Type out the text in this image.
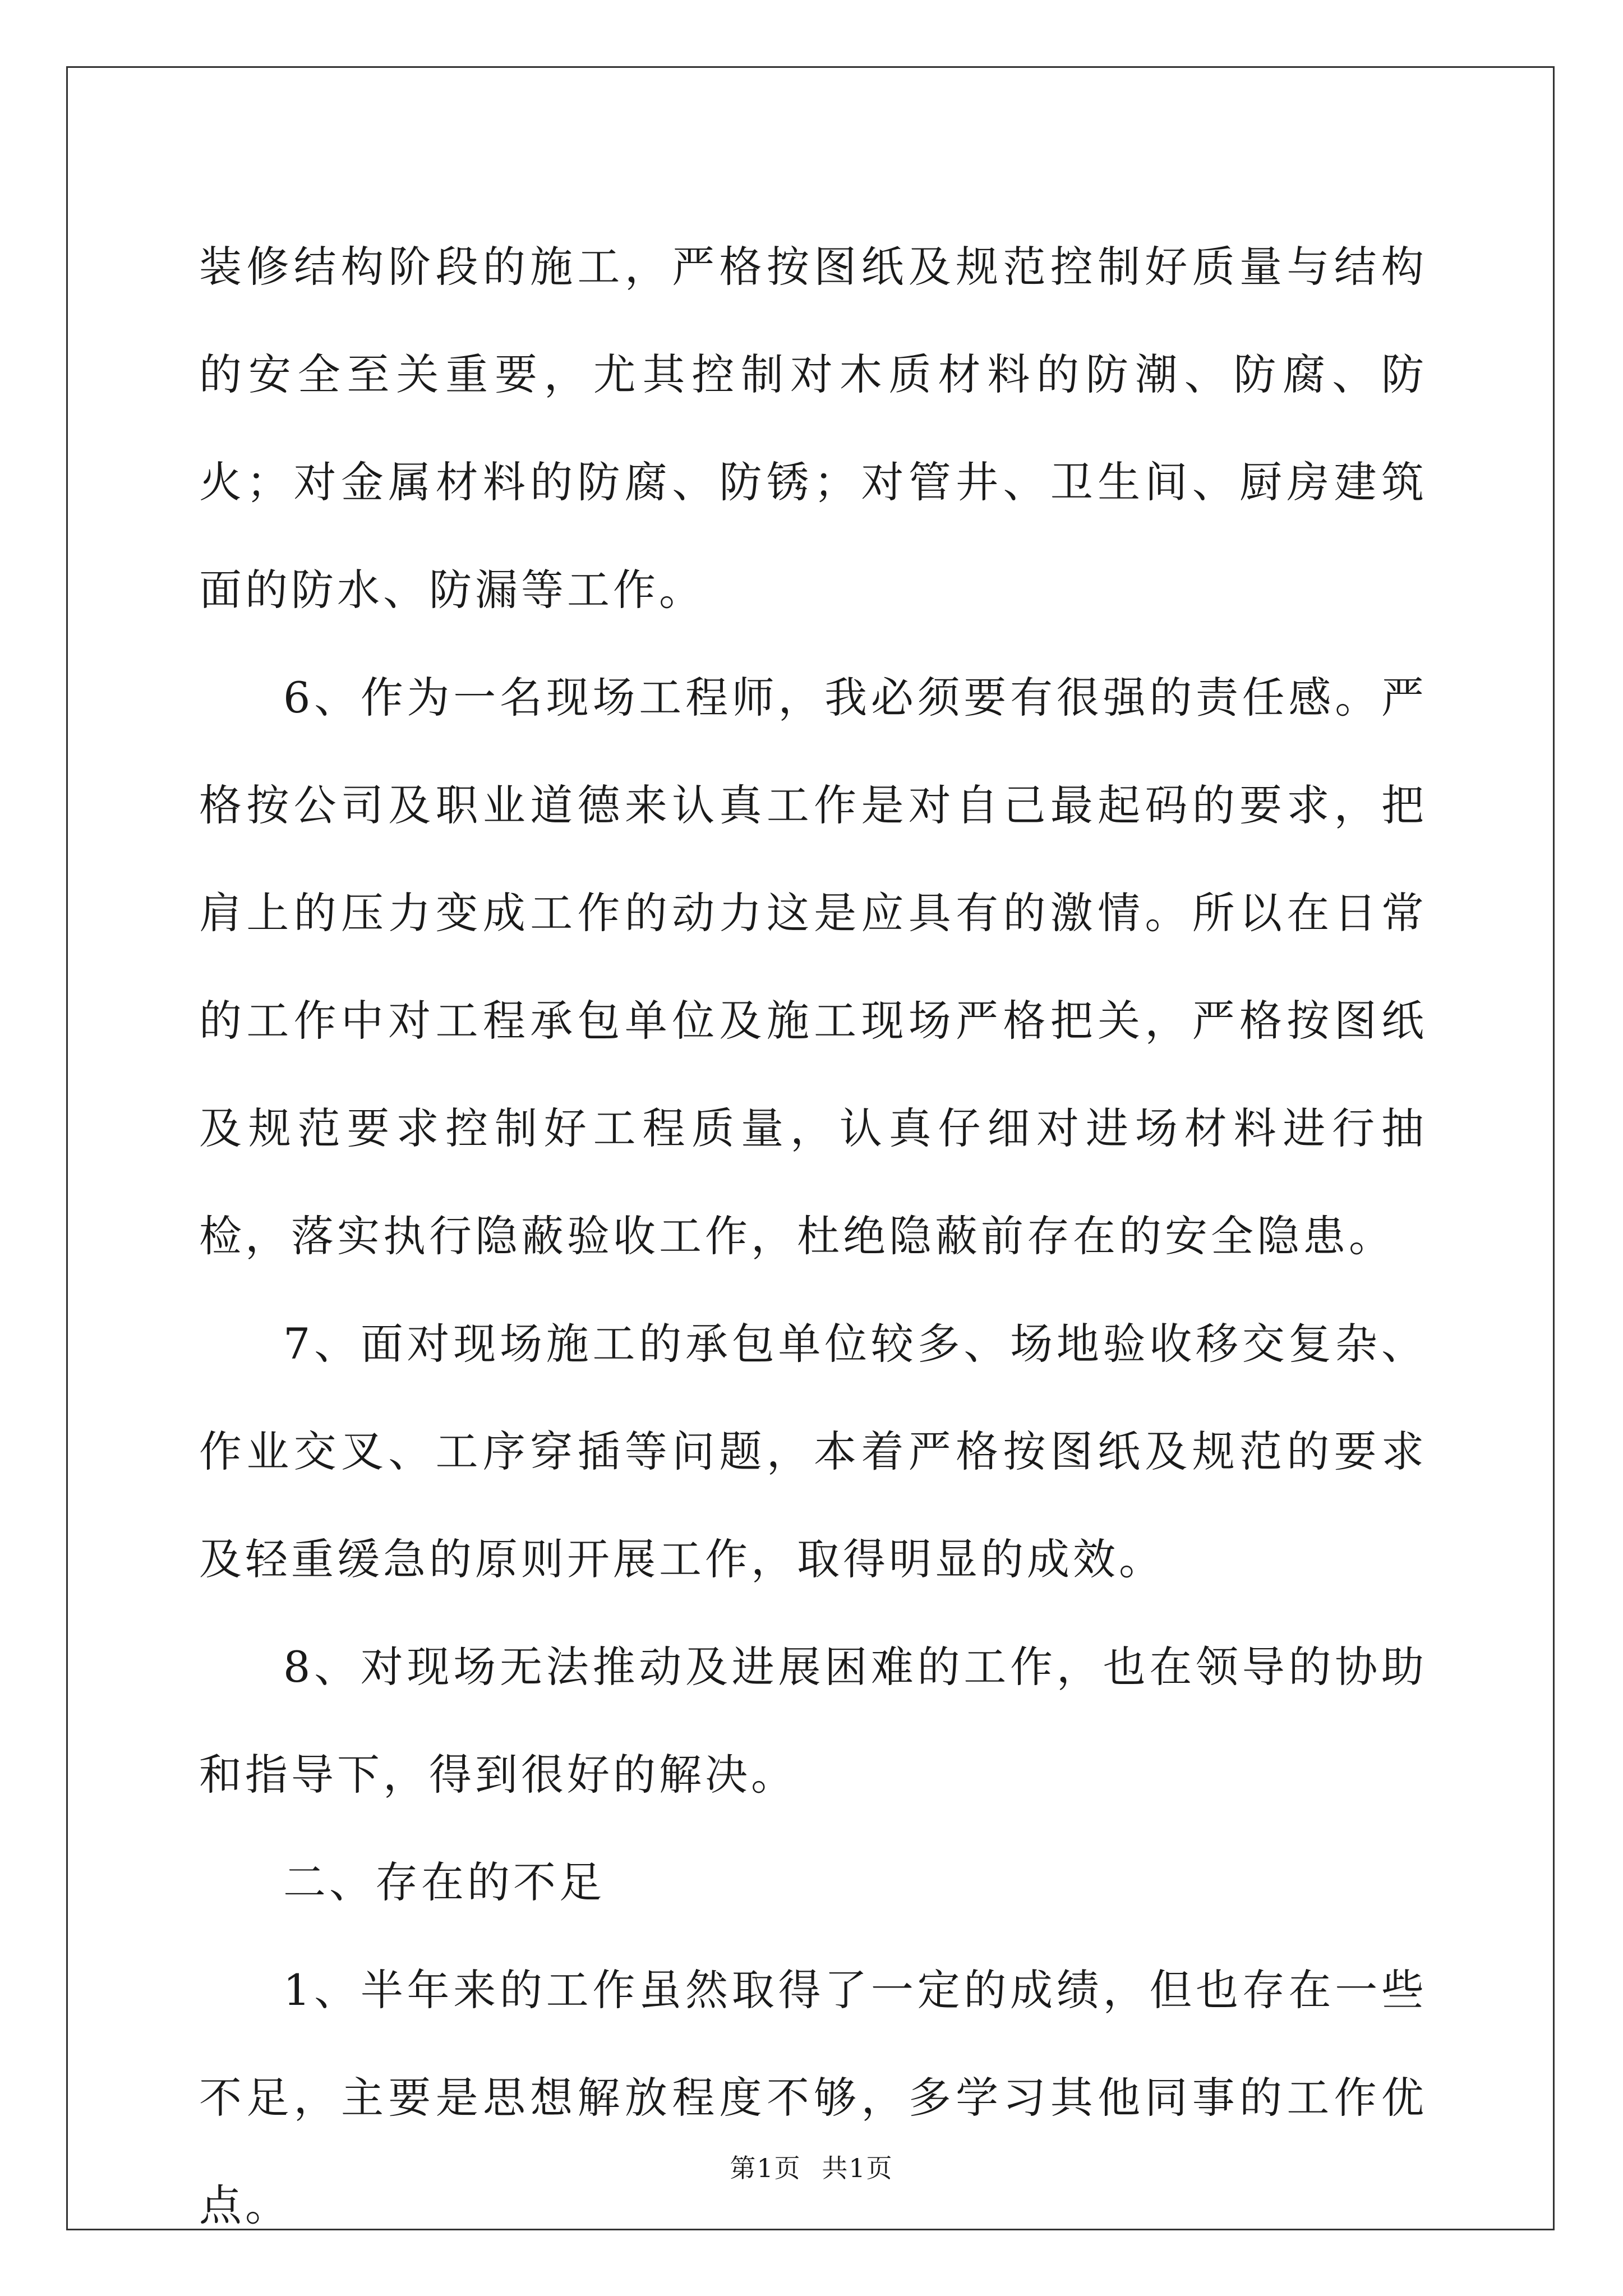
装修结构阶段的施工，严格按图纸及规范控制好质量与结构的安全至关重要，尤其控制对木质材料的防潮、防腐、防火；对金属材料的防腐、防锈；对管井、卫生间、厨房建筑面的防水、防漏等工作。

6、作为一名现场工程师，我必须要有很强的责任感。严格按公司及职业道德来认真工作是对自己最起码的要求，把肩上的压力变成工作的动力这是应具有的激情。所以在日常的工作中对工程承包单位及施工现场严格把关，严格按图纸及规范要求控制好工程质量，认真仔细对进场材料进行抽检，落实执行隐蔽验收工作，杜绝隐蔽前存在的安全隐患。

7、面对现场施工的承包单位较多、场地验收移交复杂、作业交叉、工序穿插等问题，本着严格按图纸及规范的要求及轻重缓急的原则开展工作，取得明显的成效。

8、对现场无法推动及进展困难的工作，也在领导的协助和指导下，得到很好的解决。

二、存在的不足

1、半年来的工作虽然取得了一定的成绩，但也存在一些不足，主要是思想解放程度不够，多学习其他同事的工作优点。

第1页 共1页
